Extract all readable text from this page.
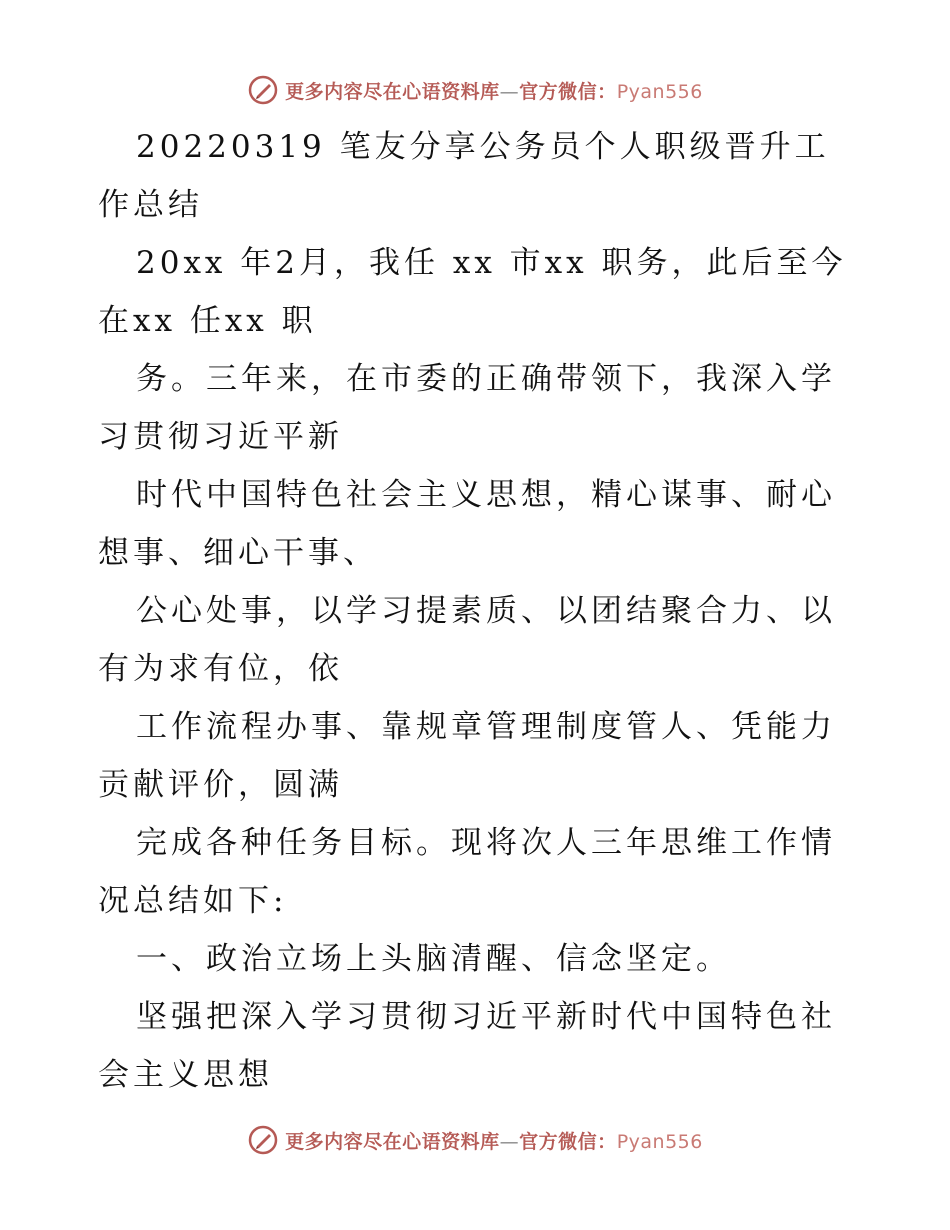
更多内容尽在心语资料库—官方微信：Pyan556

20220319 笔友分享公务员个人职级晋升工作总结

20xx 年2月，我任 xx 市xx 职务，此后至今在xx 任xx 职

务。三年来，在市委的正确带领下，我深入学习贯彻习近平新

时代中国特色社会主义思想，精心谋事、耐心想事、细心干事、

公心处事，以学习提素质、以团结聚合力、以有为求有位，依

工作流程办事、靠规章管理制度管人、凭能力贡献评价，圆满

完成各种任务目标。现将次人三年思维工作情况总结如下:

一、政治立场上头脑清醒、信念坚定。

坚强把深入学习贯彻习近平新时代中国特色社会主义思想

更多内容尽在心语资料库—官方微信：Pyan556
